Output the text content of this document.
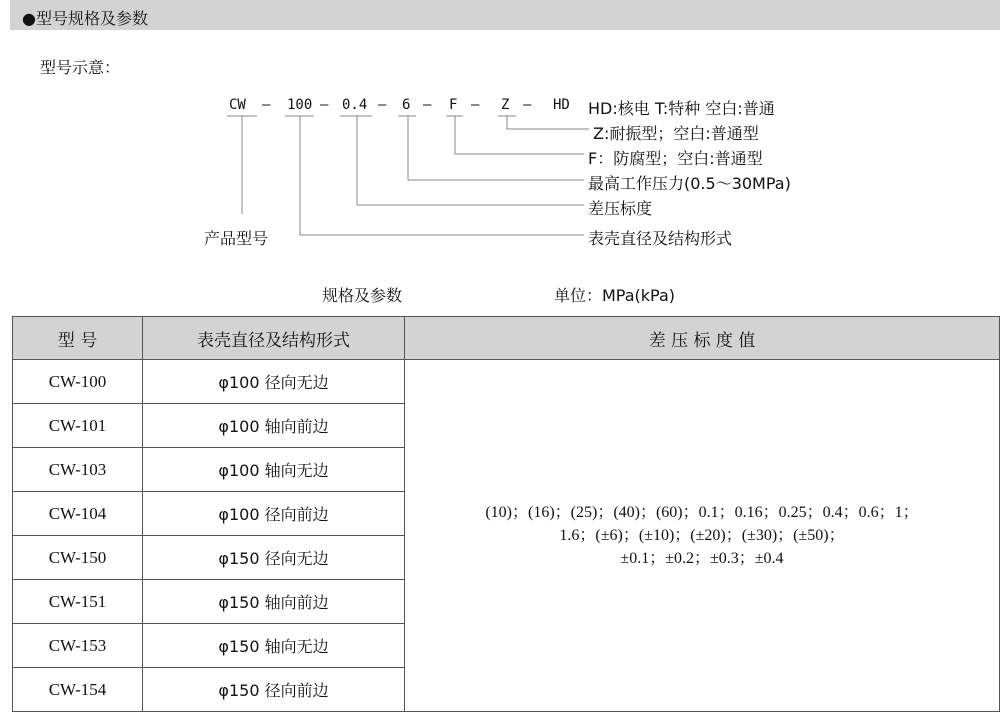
●型号规格及参数
型号示意：
CW — 100 — 0.4 — 6 — F — Z — HD HD:核电 T:特种 空白:普通
Z:耐振型；空白:普通型
F：防腐型；空白:普通型
最高工作压力(0.5～30MPa)
差压标度
产品型号	表壳直径及结构形式
规格及参数	单位：MPa(kPa)
型 号	表壳直径及结构形式	差 压 标 度 值
CW-100	φ100 径向无边	(10)；(16)；(25)；(40)；(60)；0.1；0.16；0.25；0.4；0.6；1；
1.6；(±6)；(±10)；(±20)；(±30)；(±50)；
±0.1；±0.2；±0.3；±0.4

CW-101	φ100 轴向前边	
CW-103	φ100 轴向无边	
CW-104	φ100 径向前边	
CW-150	φ150 径向无边	
CW-151	φ150 轴向前边	
CW-153	φ150 轴向无边	
CW-154	φ150 径向前边	
